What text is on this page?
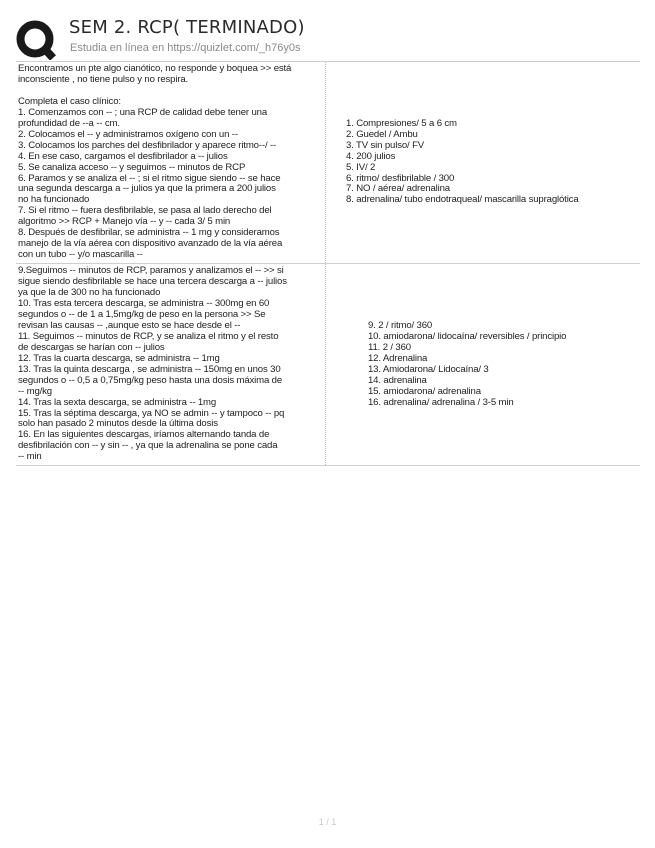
SEM 2. RCP( TERMINADO)
Estudia en línea en https://quizlet.com/_h76y0s
Encontramos un pte algo cianótico, no responde y boquea >> está
inconsciente , no tiene pulso y no respira.
Completa el caso clínico:
1. Comenzamos con -- ; una RCP de calidad debe tener una
profundidad de --a -- cm.
2. Colocamos el -- y administramos oxígeno con un --
3. Colocamos los parches del desfibrilador y aparece ritmo--/ --
4. En ese caso, cargamos el desfibrilador a -- julios
5. Se canaliza acceso -- y seguimos -- minutos de RCP
6. Paramos y se analiza el -- ; si el ritmo sigue siendo -- se hace
una segunda descarga a -- julios ya que la primera a 200 julios
no ha funcionado
7. Si el ritmo -- fuera desfibrilable, se pasa al lado derecho del
algoritmo >> RCP + Manejo vía -- y -- cada 3/ 5 min
8. Después de desfibrilar, se administra -- 1 mg y consideramos
manejo de la vía aérea con dispositivo avanzado de la vía aérea
con un tubo -- y/o mascarilla --
1. Compresiones/ 5 a 6 cm
2. Guedel / Ambu
3. TV sin pulso/ FV
4. 200 julios
5. IV/ 2
6. ritmo/ desfibrilable / 300
7. NO / aérea/ adrenalina
8. adrenalina/ tubo endotraqueal/ mascarilla supraglótica
9.Seguimos -- minutos de RCP, paramos y analizamos el -- >> si
sigue siendo desfibrilable se hace una tercera descarga a -- julios
ya que la de 300 no ha funcionado
10. Tras esta tercera descarga, se administra -- 300mg en 60
segundos o -- de 1 a 1,5mg/kg de peso en la persona >> Se
revisan las causas -- ,aunque esto se hace desde el --
11. Seguimos -- minutos de RCP, y se analiza el ritmo y el resto
de descargas se harían con -- julios
12. Tras la cuarta descarga, se administra -- 1mg
13. Tras la quinta descarga , se administra -- 150mg en unos 30
segundos o -- 0,5 a 0,75mg/kg peso hasta una dosis máxima de
-- mg/kg
14. Tras la sexta descarga, se administra -- 1mg
15. Tras la séptima descarga, ya NO se admin -- y tampoco -- pq
solo han pasado 2 minutos desde la última dosis
16. En las siguientes descargas, iríamos alternando tanda de
desfibrilación con -- y sin -- , ya que la adrenalina se pone cada
-- min
9. 2 / ritmo/ 360
10. amiodarona/ lidocaína/ reversibles / principio
11. 2 / 360
12. Adrenalina
13. Amiodarona/ Lidocaína/ 3
14. adrenalina
15. amiodarona/ adrenalina
16. adrenalina/ adrenalina / 3-5 min
1 / 1
